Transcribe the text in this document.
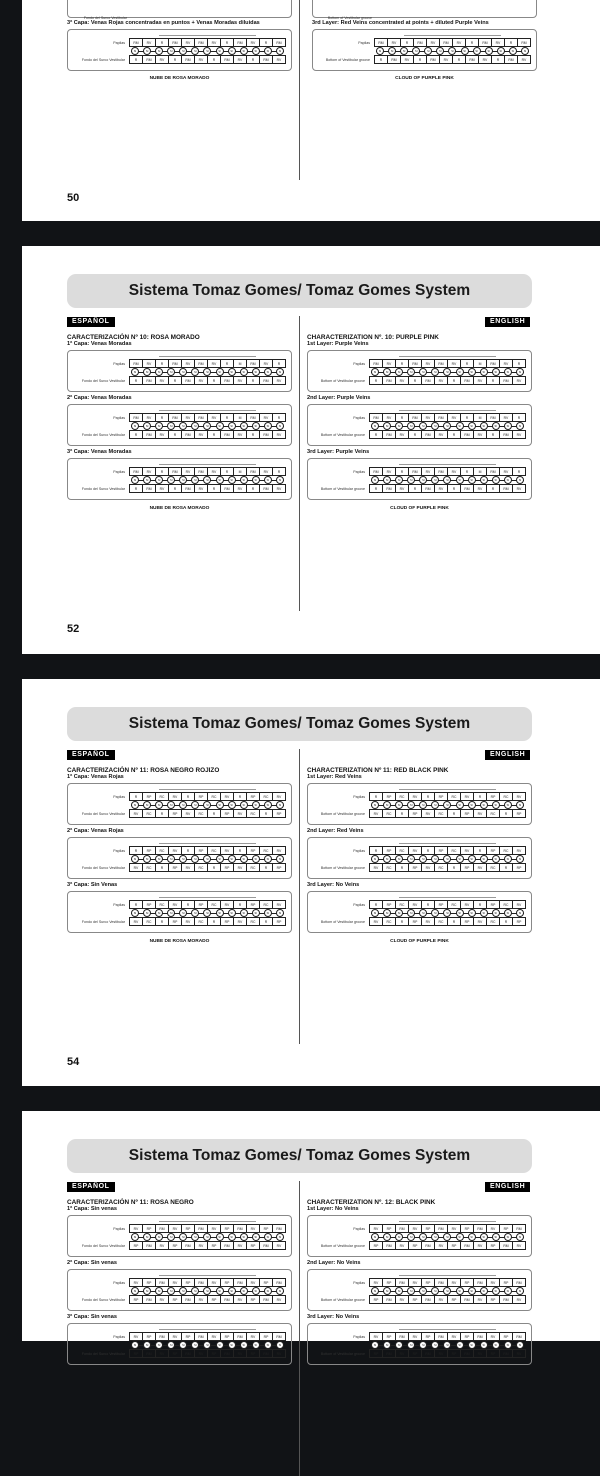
Fondo del Surco Vestibular
3ª Capa: Venas Rojas concentradas en puntos + Venas Moradas diluidas
Papilas
Fondo del Surco Vestibular
RM	RV	R	RM	RV	RM	RV	R	RM	RV	R	RM
SI	SI	SI	SI	SI	SI	SI	SI	SI	SI	SI	SI	SI
R	RM	RV	R	RM	RV	R	RM	RV	R	RM	RV
NUBE DE ROSA MORADO
Bottom of Vestibular groove
3rd Layer: Red Veins concentrated at points + diluted Purple Veins
Papilas
Bottom of Vestibular groove
RM	RV	R	RM	RV	RM	RV	R	RM	RV	R	RM
SI	SI	SI	SI	SI	SI	SI	SI	SI	SI	SI	SI	SI
R	RM	RV	R	RM	RV	R	RM	RV	R	RM	RV
CLOUD OF PURPLE PINK
50
Sistema Tomaz Gomes/ Tomaz Gomes System
ESPAÑOL	ENGLISH
CARACTERIZACIÓN Nº 10: ROSA MORADO
1ª Capa: Venas Moradas
Papilas
Fondo del Surco Vestibular
RM	RV	R	RM	RV	RM	RV	R	M	RM	RV	R
SI	SI	SI	SI	SI	SI	SI	SI	SI	SI	SI	SI	SI
R	RM	RV	R	RM	RV	R	RM	RV	R	RM	RV
2ª Capa: Venas Moradas
Papilas
Fondo del Surco Vestibular
RM	RV	R	RM	RV	RM	RV	R	M	RM	RV	R
SI	SI	SI	SI	SI	SI	SI	SI	SI	SI	SI	SI	SI
R	RM	RV	R	RM	RV	R	RM	RV	R	RM	RV
3ª Capa: Venas Moradas
Papilas
Fondo del Surco Vestibular
RM	RV	R	RM	RV	RM	RV	R	M	RM	RV	R
SI	SI	SI	SI	SI	SI	SI	SI	SI	SI	SI	SI	SI
R	RM	RV	R	RM	RV	R	RM	RV	R	RM	RV
NUBE DE ROSA MORADO
CHARACTERIZATION Nº. 10: PURPLE PINK
1st Layer: Purple Veins
Papilas
Bottom of Vestibular groove
RM	RV	R	RM	RV	RM	RV	R	M	RM	RV	R
SI	SI	SI	SI	SI	SI	SI	SI	SI	SI	SI	SI	SI
R	RM	RV	R	RM	RV	R	RM	RV	R	RM	RV
2nd Layer: Purple Veins
Papilas
Bottom of Vestibular groove
RM	RV	R	RM	RV	RM	RV	R	M	RM	RV	R
SI	SI	SI	SI	SI	SI	SI	SI	SI	SI	SI	SI	SI
R	RM	RV	R	RM	RV	R	RM	RV	R	RM	RV
3rd Layer: Purple Veins
Papilas
Bottom of Vestibular groove
RM	RV	R	RM	RV	RM	RV	R	M	RM	RV	R
SI	SI	SI	SI	SI	SI	SI	SI	SI	SI	SI	SI	SI
R	RM	RV	R	RM	RV	R	RM	RV	R	RM	RV
CLOUD OF PURPLE PINK
52
Sistema Tomaz Gomes/ Tomaz Gomes System
ESPAÑOL	ENGLISH
CARACTERIZACIÓN Nº 11: ROSA NEGRO ROJIZO
1ª Capa: Venas Rojas
Papilas
Fondo del Surco Vestibular
R	RP	RC	RV	R	RP	RC	RV	R	RP	RC	RV
SI	SI	SI	SI	SI	SI	SI	SI	SI	SI	SI	SI	SI
RV	RC	R	RP	RV	RC	R	RP	RV	RC	R	RP
2ª Capa: Venas Rojas
Papilas
Fondo del Surco Vestibular
R	RP	RC	RV	R	RP	RC	RV	R	RP	RC	RV
SI	SI	SI	SI	SI	SI	SI	SI	SI	SI	SI	SI	SI
RV	RC	R	RP	RV	RC	R	RP	RV	RC	R	RP
3ª Capa: Sin Venas
Papilas
Fondo del Surco Vestibular
R	RP	RC	RV	R	RP	RC	RV	R	RP	RC	RV
SI	SI	SI	SI	SI	SI	SI	SI	SI	SI	SI	SI	SI
RV	RC	R	RP	RV	RC	R	RP	RV	RC	R	RP
NUBE DE ROSA MORADO
CHARACTERIZATION Nº 11: RED BLACK PINK
1st Layer: Red Veins
Papilas
Bottom of Vestibular groove
R	RP	RC	RV	R	RP	RC	RV	R	RP	RC	RV
SI	SI	SI	SI	SI	SI	SI	SI	SI	SI	SI	SI	SI
RV	RC	R	RP	RV	RC	R	RP	RV	RC	R	RP
2nd Layer: Red Veins
Papilas
Bottom of Vestibular groove
R	RP	RC	RV	R	RP	RC	RV	R	RP	RC	RV
SI	SI	SI	SI	SI	SI	SI	SI	SI	SI	SI	SI	SI
RV	RC	R	RP	RV	RC	R	RP	RV	RC	R	RP
3rd Layer: No Veins
Papilas
Bottom of Vestibular groove
R	RP	RC	RV	R	RP	RC	RV	R	RP	RC	RV
SI	SI	SI	SI	SI	SI	SI	SI	SI	SI	SI	SI	SI
RV	RC	R	RP	RV	RC	R	RP	RV	RC	R	RP
CLOUD OF PURPLE PINK
54
Sistema Tomaz Gomes/ Tomaz Gomes System
ESPAÑOL	ENGLISH
CARACTERIZACIÓN Nº 11: ROSA NEGRO
1ª Capa: Sin venas
Papilas
Fondo del Surco Vestibular
RV	RP	RM	RV	RP	RM	RV	RP	RM	RV	RP	RM
SI	SI	SI	SI	SI	SI	SI	SI	SI	SI	SI	SI	SI
RP	RM	RV	RP	RM	RV	RP	RM	RV	RP	RM	RV
2ª Capa: Sin venas
Papilas
Fondo del Surco Vestibular
RV	RP	RM	RV	RP	RM	RV	RP	RM	RV	RP	RM
SI	SI	SI	SI	SI	SI	SI	SI	SI	SI	SI	SI	SI
RP	RM	RV	RP	RM	RV	RP	RM	RV	RP	RM	RV
3ª Capa: Sin venas
Papilas
Fondo del Surco Vestibular
RV	RP	RM	RV	RP	RM	RV	RP	RM	RV	RP	RM
SI	SI	SI	SI	SI	SI	SI	SI	SI	SI	SI	SI	SI
RP	RM	RV	RP	RM	RV	RP	RM	RV	RP	RM	RV
CHARACTERIZATION Nº. 12: BLACK PINK
1st Layer: No Veins
Papilas
Bottom of Vestibular groove
RV	RP	RM	RV	RP	RM	RV	RP	RM	RV	RP	RM
SI	SI	SI	SI	SI	SI	SI	SI	SI	SI	SI	SI	SI
RP	RM	RV	RP	RM	RV	RP	RM	RV	RP	RM	RV
2nd Layer: No Veins
Papilas
Bottom of Vestibular groove
RV	RP	RM	RV	RP	RM	RV	RP	RM	RV	RP	RM
SI	SI	SI	SI	SI	SI	SI	SI	SI	SI	SI	SI	SI
RP	RM	RV	RP	RM	RV	RP	RM	RV	RP	RM	RV
3rd Layer: No Veins
Papilas
Bottom of Vestibular groove
RV	RP	RM	RV	RP	RM	RV	RP	RM	RV	RP	RM
SI	SI	SI	SI	SI	SI	SI	SI	SI	SI	SI	SI	SI
RP	RM	RV	RP	RM	RV	RP	RM	RV	RP	RM	RV
